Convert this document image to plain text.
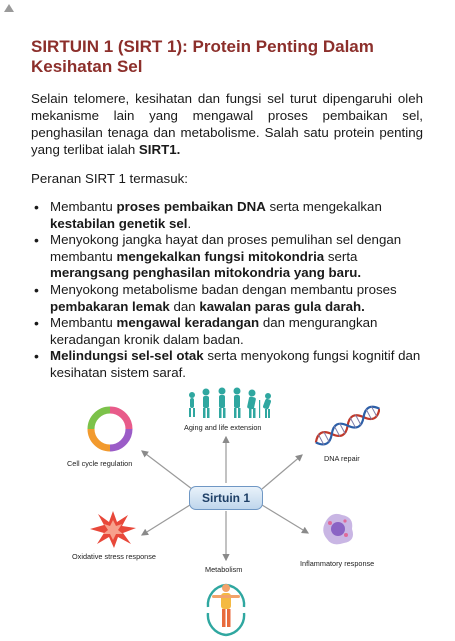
SIRTUIN 1 (SIRT 1): Protein Penting Dalam Kesihatan Sel

Selain telomere, kesihatan dan fungsi sel turut dipengaruhi oleh mekanisme lain yang mengawal proses pembaikan sel, penghasilan tenaga dan metabolisme. Salah satu protein penting yang terlibat ialah SIRT1.

Peranan SIRT 1 termasuk:

• Membantu proses pembaikan DNA serta mengekalkan kestabilan genetik sel.
• Menyokong jangka hayat dan proses pemulihan sel dengan membantu mengekalkan fungsi mitokondria serta merangsang penghasilan mitokondria yang baru.
• Menyokong metabolisme badan dengan membantu proses pembakaran lemak dan kawalan paras gula darah.
• Membantu mengawal keradangan dan mengurangkan keradangan kronik dalam badan.
• Melindungsi sel-sel otak serta menyokong fungsi kognitif dan kesihatan sistem saraf.
Aging and life extension
Cell cycle regulation
DNA repair
Oxidative stress response
Inflammatory response
Metabolism
Sirtuin 1
